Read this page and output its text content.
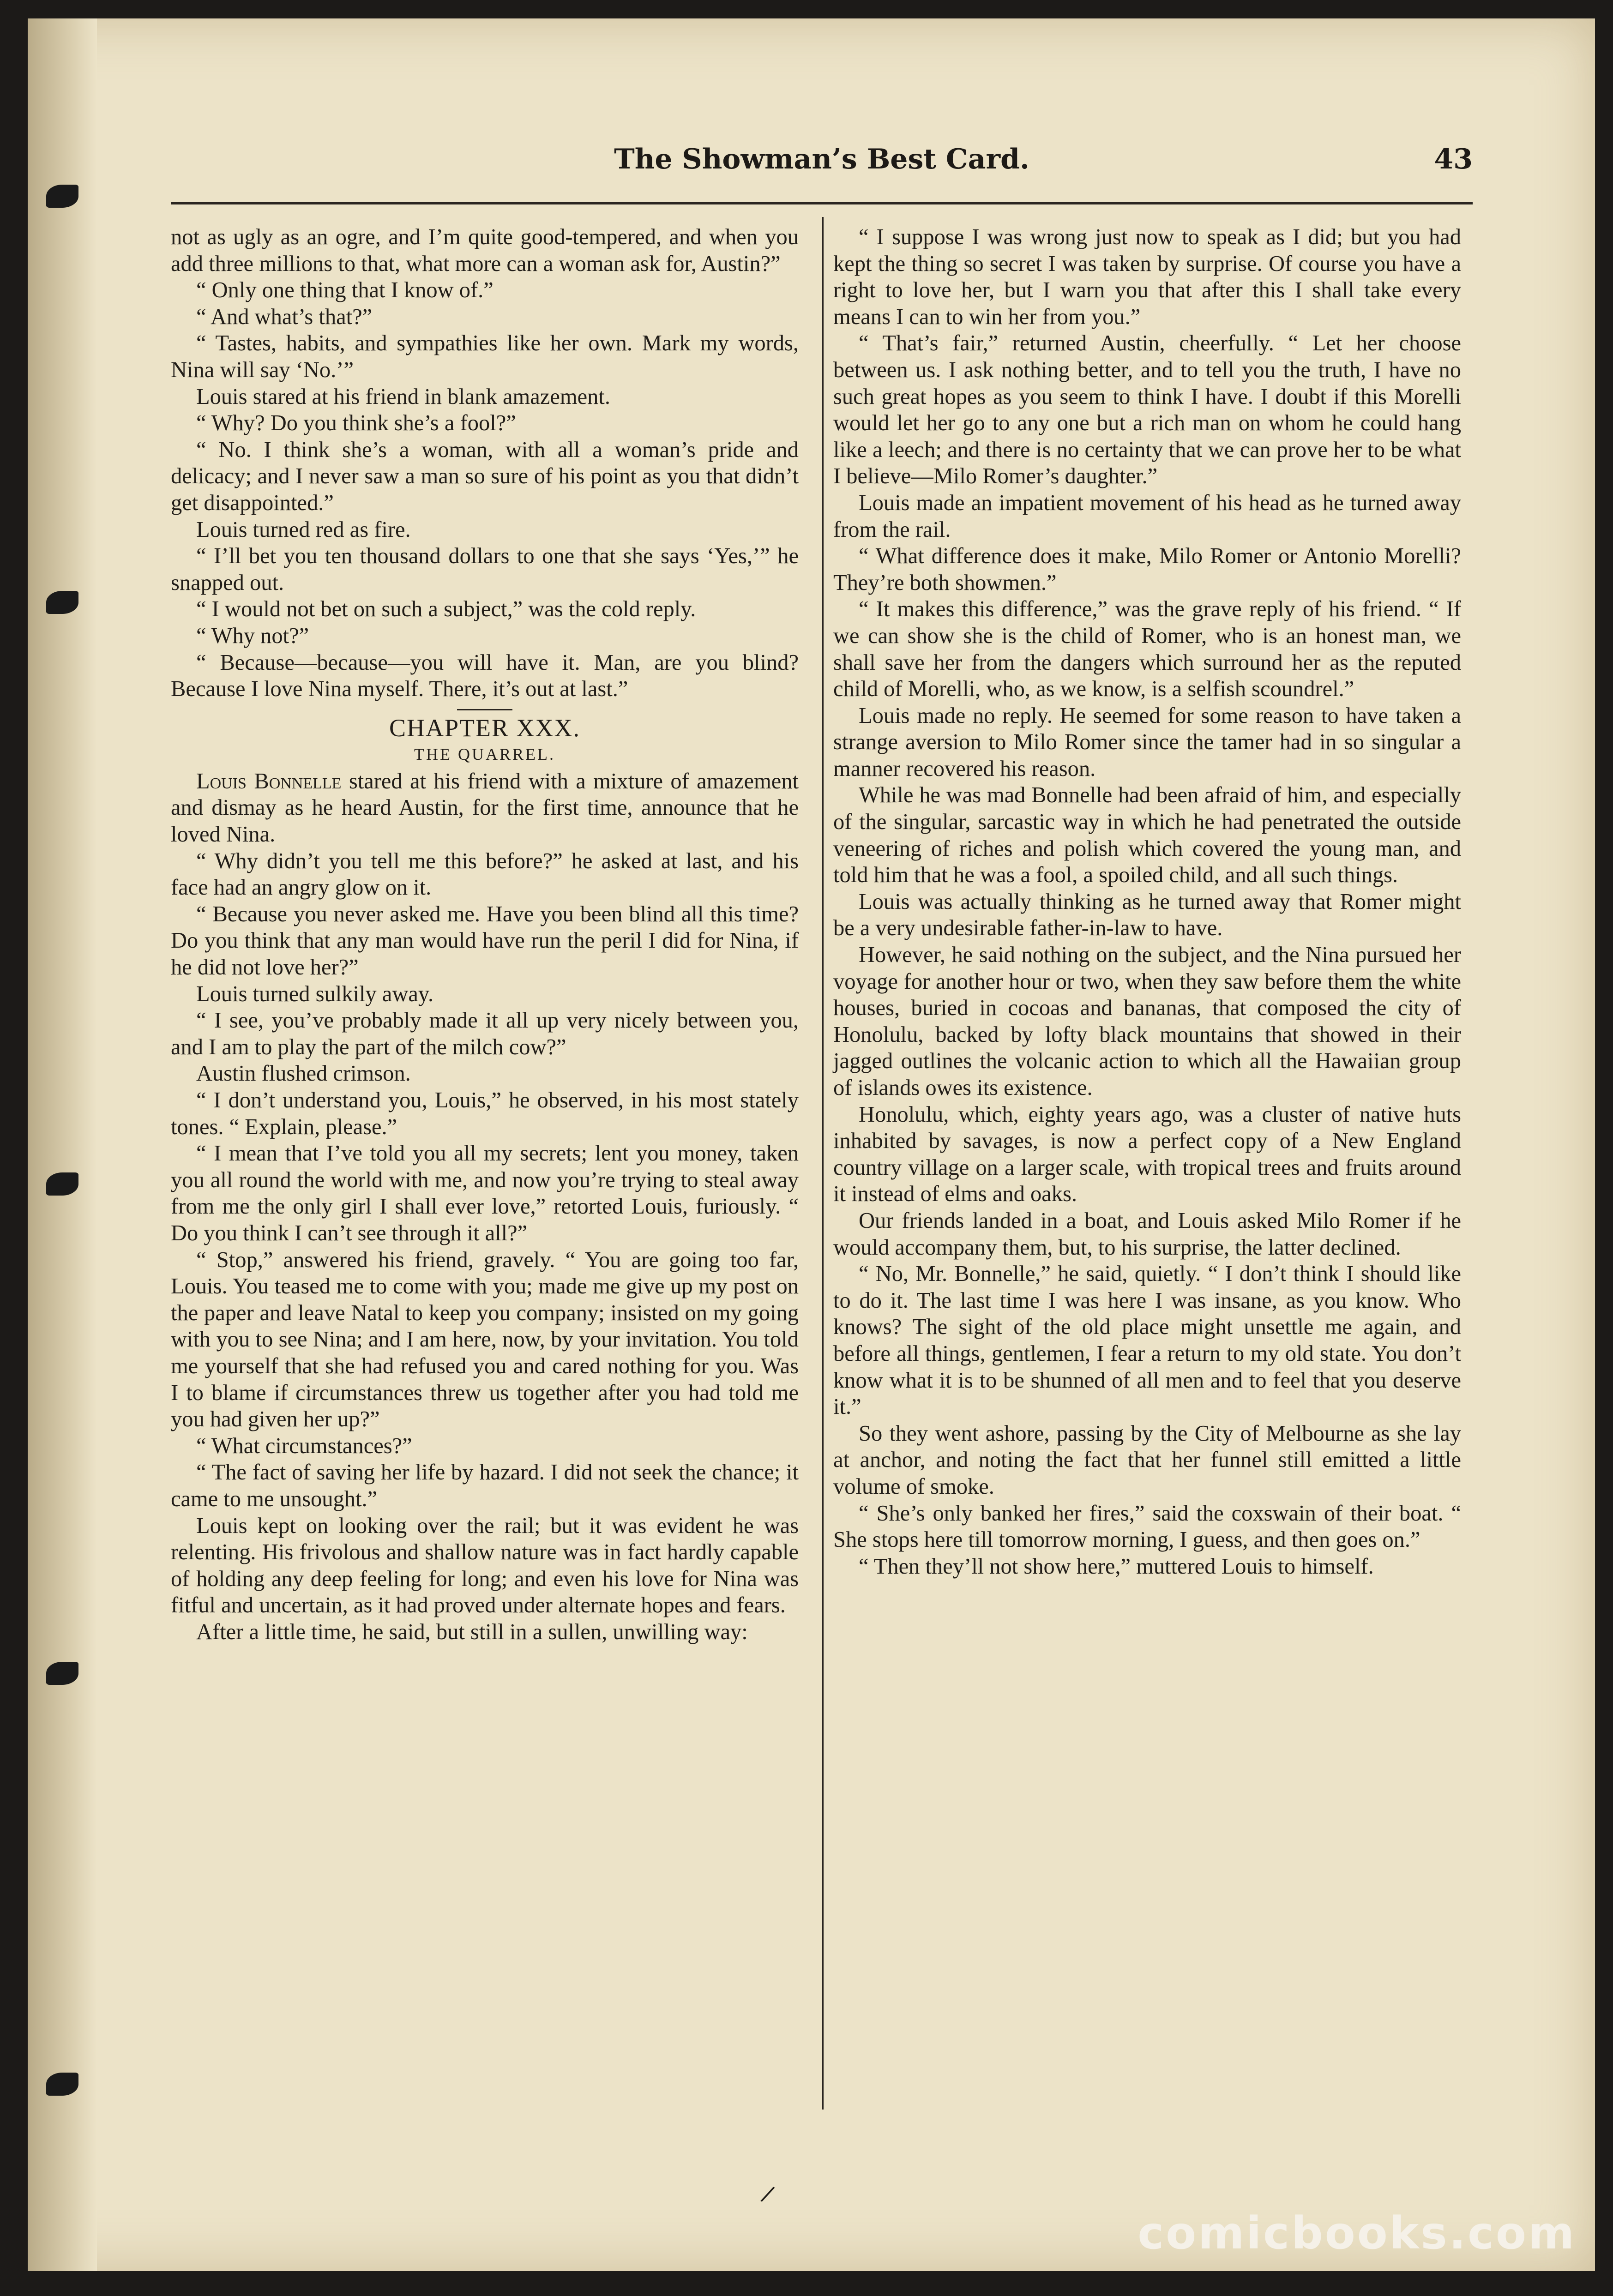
The Showman’s Best Card.	43

not as ugly as an ogre, and I’m quite good-tempered, and when you add three millions to that, what more can a woman ask for, Austin?”

“ Only one thing that I know of.”

“ And what’s that?”

“ Tastes, habits, and sympathies like her own. Mark my words, Nina will say ‘No.’”

Louis stared at his friend in blank amazement.

“ Why? Do you think she’s a fool?”

“ No. I think she’s a woman, with all a woman’s pride and delicacy; and I never saw a man so sure of his point as you that didn’t get disappointed.”

Louis turned red as fire.

“ I’ll bet you ten thousand dollars to one that she says ‘Yes,’” he snapped out.

“ I would not bet on such a subject,” was the cold reply.

“ Why not?”

“ Because—because—you will have it. Man, are you blind? Because I love Nina myself. There, it’s out at last.”

CHAPTER XXX.

THE QUARREL.

Louis Bonnelle stared at his friend with a mixture of amazement and dismay as he heard Austin, for the first time, announce that he loved Nina.

“ Why didn’t you tell me this before?” he asked at last, and his face had an angry glow on it.

“ Because you never asked me. Have you been blind all this time? Do you think that any man would have run the peril I did for Nina, if he did not love her?”

Louis turned sulkily away.

“ I see, you’ve probably made it all up very nicely between you, and I am to play the part of the milch cow?”

Austin flushed crimson.

“ I don’t understand you, Louis,” he observed, in his most stately tones. “ Explain, please.”

“ I mean that I’ve told you all my secrets; lent you money, taken you all round the world with me, and now you’re trying to steal away from me the only girl I shall ever love,” retorted Louis, furiously. “ Do you think I can’t see through it all?”

“ Stop,” answered his friend, gravely. “ You are going too far, Louis. You teased me to come with you; made me give up my post on the paper and leave Natal to keep you company; insisted on my going with you to see Nina; and I am here, now, by your invitation. You told me yourself that she had refused you and cared nothing for you. Was I to blame if circumstances threw us together after you had told me you had given her up?”

“ What circumstances?”

“ The fact of saving her life by hazard. I did not seek the chance; it came to me unsought.”

Louis kept on looking over the rail; but it was evident he was relenting. His frivolous and shallow nature was in fact hardly capable of holding any deep feeling for long; and even his love for Nina was fitful and uncertain, as it had proved under alternate hopes and fears.

After a little time, he said, but still in a sullen, unwilling way:

“ I suppose I was wrong just now to speak as I did; but you had kept the thing so secret I was taken by surprise. Of course you have a right to love her, but I warn you that after this I shall take every means I can to win her from you.”

“ That’s fair,” returned Austin, cheerfully. “ Let her choose between us. I ask nothing better, and to tell you the truth, I have no such great hopes as you seem to think I have. I doubt if this Morelli would let her go to any one but a rich man on whom he could hang like a leech; and there is no certainty that we can prove her to be what I believe—Milo Romer’s daughter.”

Louis made an impatient movement of his head as he turned away from the rail.

“ What difference does it make, Milo Romer or Antonio Morelli? They’re both showmen.”

“ It makes this difference,” was the grave reply of his friend. “ If we can show she is the child of Romer, who is an honest man, we shall save her from the dangers which surround her as the reputed child of Morelli, who, as we know, is a selfish scoundrel.”

Louis made no reply. He seemed for some reason to have taken a strange aversion to Milo Romer since the tamer had in so singular a manner recovered his reason.

While he was mad Bonnelle had been afraid of him, and especially of the singular, sarcastic way in which he had penetrated the outside veneering of riches and polish which covered the young man, and told him that he was a fool, a spoiled child, and all such things.

Louis was actually thinking as he turned away that Romer might be a very undesirable father-in-law to have.

However, he said nothing on the subject, and the Nina pursued her voyage for another hour or two, when they saw before them the white houses, buried in cocoas and bananas, that composed the city of Honolulu, backed by lofty black mountains that showed in their jagged outlines the volcanic action to which all the Hawaiian group of islands owes its existence.

Honolulu, which, eighty years ago, was a cluster of native huts inhabited by savages, is now a perfect copy of a New England country village on a larger scale, with tropical trees and fruits around it instead of elms and oaks.

Our friends landed in a boat, and Louis asked Milo Romer if he would accompany them, but, to his surprise, the latter declined.

“ No, Mr. Bonnelle,” he said, quietly. “ I don’t think I should like to do it. The last time I was here I was insane, as you know. Who knows? The sight of the old place might unsettle me again, and before all things, gentlemen, I fear a return to my old state. You don’t know what it is to be shunned of all men and to feel that you deserve it.”

So they went ashore, passing by the City of Melbourne as she lay at anchor, and noting the fact that her funnel still emitted a little volume of smoke.

“ She’s only banked her fires,” said the coxswain of their boat. “ She stops here till tomorrow morning, I guess, and then goes on.”

“ Then they’ll not show here,” muttered Louis to himself.

/
comicbooks.com
